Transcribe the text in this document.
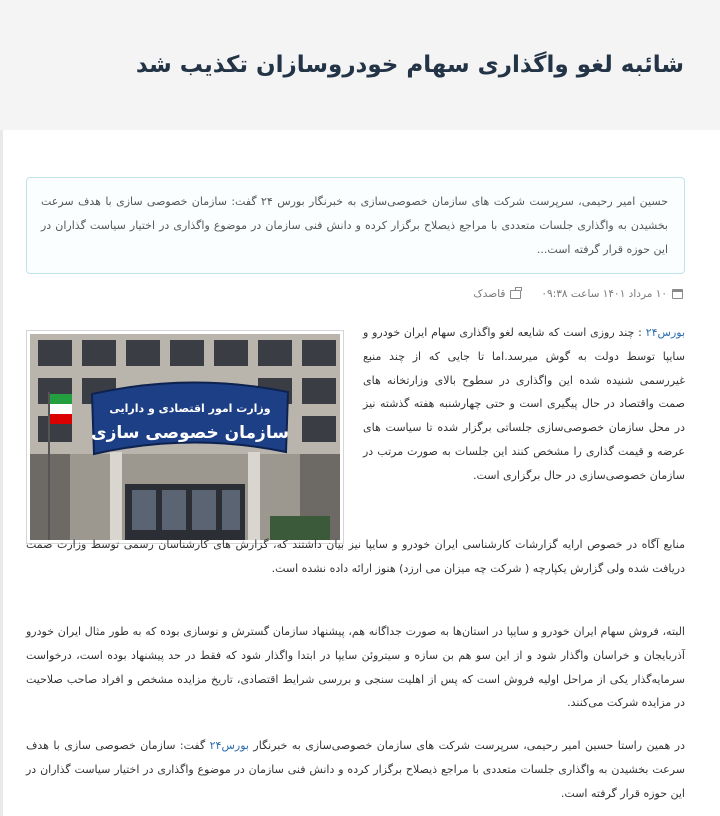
شائبه لغو واگذاری سهام خودروسازان تکذیب شد
حسین امیر رحیمی، سرپرست شرکت های سازمان خصوصی‌سازی به خبرنگار بورس ۲۴ گفت: سازمان خصوصی سازی با هدف سرعت بخشیدن به واگذاری جلسات متعددی با مراجع ذیصلاح برگزار کرده و دانش فنی سازمان در موضوع واگذاری در اختیار سیاست گذاران در این حوزه قرار گرفته است...
۱۰ مرداد ۱۴۰۱ ساعت ۰۹:۳۸
قاصدک
وزارت امور اقتصادی و دارایی
سازمان خصوصی سازی

بورس۲۴ : چند روزی است که شایعه لغو واگذاری سهام ایران خودرو و سایپا توسط دولت به گوش میرسد.اما تا جایی که از چند منبع غیررسمی شنیده شده این واگذاری در سطوح بالای وزارتخانه های صمت واقتصاد در حال پیگیری است و حتی چهارشنبه هفته گذشته نیز در محل سازمان خصوصی‌سازی جلساتی برگزار شده تا سیاست های عرضه و قیمت گذاری را مشخص کنند این جلسات به صورت مرتب در سازمان خصوصی‌سازی در حال برگزاری است.

منابع آگاه در خصوص ارایه گزارشات کارشناسی ایران خودرو و سایپا نیز بیان داشتند که، گزارش های کارشناسان رسمی توسط وزارت صمت دریافت شده ولی گزارش یکپارچه ( شرکت چه میزان می ارزد) هنوز ارائه داده نشده است.

البته، فروش سهام ایران خودرو و سایپا در استان‌ها به صورت جداگانه هم، پیشنهاد سازمان گسترش و نوسازی بوده که به طور مثال ایران خودرو آذربایجان و خراسان واگذار شود و از این سو هم بن سازه و سیتروئن سایپا در ابتدا واگذار شود که فقط در حد پیشنهاد بوده است، درخواست سرمایه‌گذار یکی از مراحل اولیه فروش است که پس از اهلیت سنجی و بررسی شرایط اقتصادی، تاریخ مزایده مشخص و افراد صاحب صلاحیت در مزایده شرکت می‌کنند.

در همین راستا حسین امیر رحیمی، سرپرست شرکت های سازمان خصوصی‌سازی به خبرنگار بورس۲۴ گفت: سازمان خصوصی سازی با هدف سرعت بخشیدن به واگذاری جلسات متعددی با مراجع ذیصلاح برگزار کرده و دانش فنی سازمان در موضوع واگذاری در اختیار سیاست گذاران در این حوزه قرار گرفته است.
